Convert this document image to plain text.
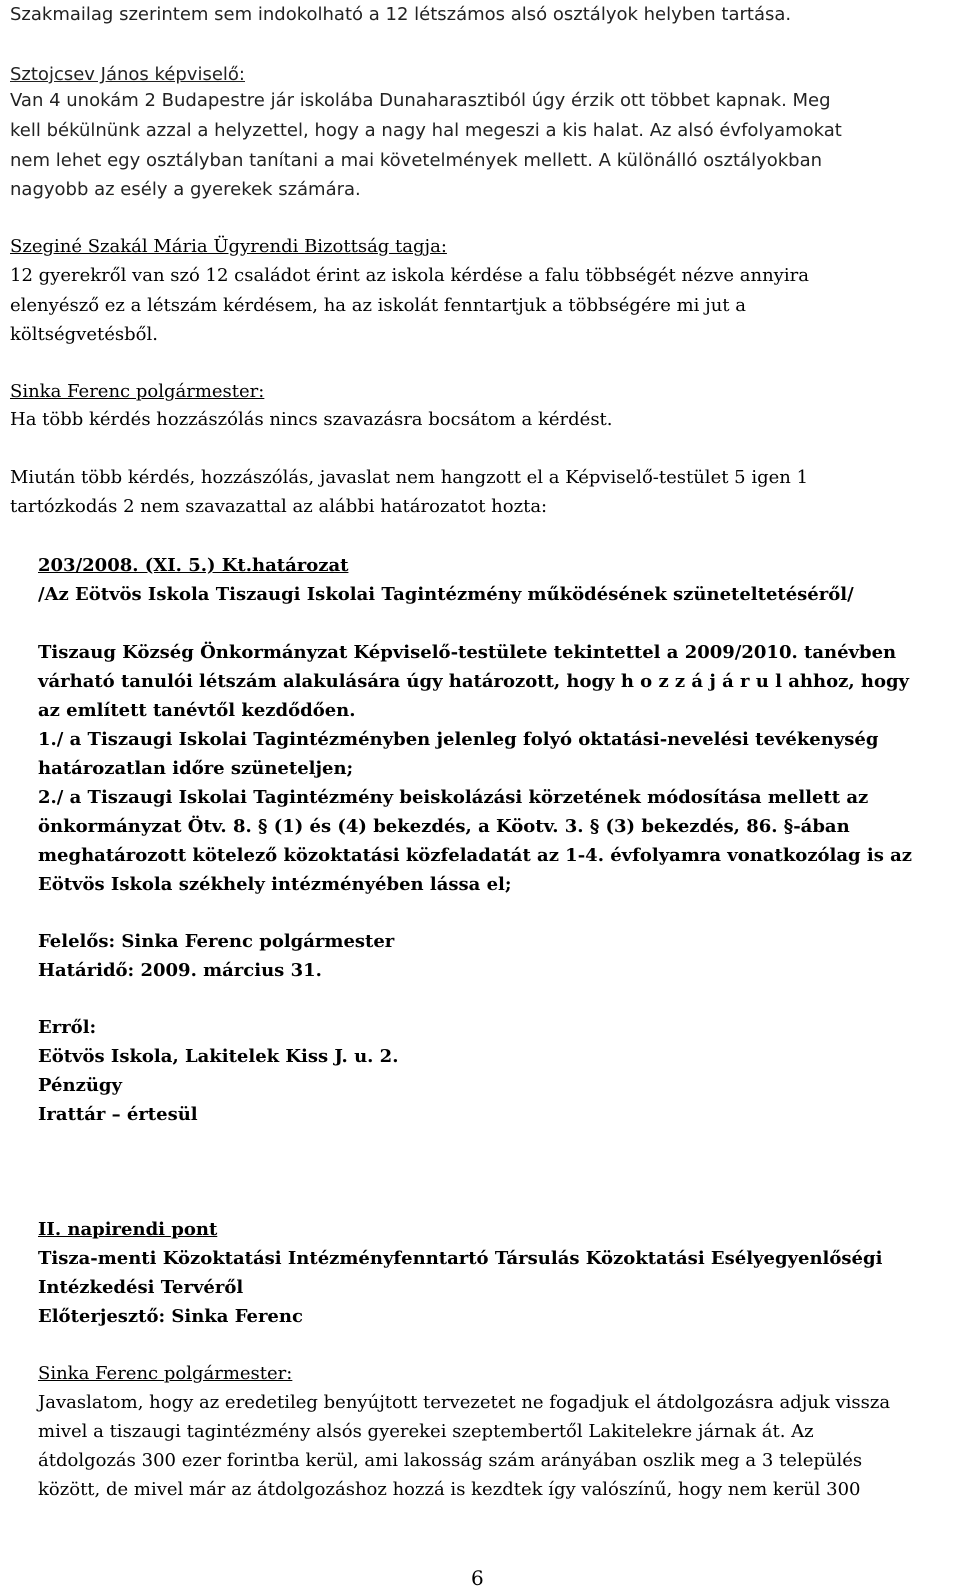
Szakmailag szerintem sem indokolható a 12 létszámos alsó osztályok helyben tartása.
Sztojcsev János képviselő:
Van 4 unokám 2 Budapestre jár iskolába Dunaharasztiból úgy érzik ott többet kapnak. Meg
kell békülnünk azzal a helyzettel, hogy a nagy hal megeszi a kis halat. Az alsó évfolyamokat
nem lehet egy osztályban tanítani a mai követelmények mellett. A különálló osztályokban
nagyobb az esély a gyerekek számára.
Szeginé Szakál Mária Ügyrendi Bizottság tagja:
12 gyerekről van szó 12 családot érint az iskola kérdése a falu többségét nézve annyira
elenyésző ez a létszám kérdésem, ha az iskolát fenntartjuk a többségére mi jut a
költségvetésből.
Sinka Ferenc polgármester:
Ha több kérdés hozzászólás nincs szavazásra bocsátom a kérdést.
Miután több kérdés, hozzászólás, javaslat nem hangzott el a Képviselő-testület 5 igen 1
tartózkodás 2 nem szavazattal az alábbi határozatot hozta:
203/2008. (XI. 5.) Kt.határozat
/Az Eötvös Iskola Tiszaugi Iskolai Tagintézmény működésének szüneteltetéséről/
Tiszaug Község Önkormányzat Képviselő-testülete tekintettel a 2009/2010. tanévben
várható tanulói létszám alakulására úgy határozott, hogy h o z z á j á r u l ahhoz, hogy
az említett tanévtől kezdődően.
1./ a Tiszaugi Iskolai Tagintézményben jelenleg folyó oktatási-nevelési tevékenység
határozatlan időre szüneteljen;
2./ a Tiszaugi Iskolai Tagintézmény beiskolázási körzetének módosítása mellett az
önkormányzat Ötv. 8. § (1) és (4) bekezdés, a Köotv. 3. § (3) bekezdés, 86. §-ában
meghatározott kötelező közoktatási közfeladatát az 1-4. évfolyamra vonatkozólag is az
Eötvös Iskola székhely intézményében lássa el;
Felelős: Sinka Ferenc polgármester
Határidő: 2009. március 31.
Erről:
Eötvös Iskola, Lakitelek Kiss J. u. 2.
Pénzügy
Irattár – értesül
II. napirendi pont
Tisza-menti Közoktatási Intézményfenntartó Társulás Közoktatási Esélyegyenlőségi
Intézkedési Tervéről
Előterjesztő: Sinka Ferenc
Sinka Ferenc polgármester:
Javaslatom, hogy az eredetileg benyújtott tervezetet ne fogadjuk el átdolgozásra adjuk vissza
mivel a tiszaugi tagintézmény alsós gyerekei szeptembertől Lakitelekre járnak át. Az
átdolgozás 300 ezer forintba kerül, ami lakosság szám arányában oszlik meg a 3 település
között, de mivel már az átdolgozáshoz hozzá is kezdtek így valószínű, hogy nem kerül 300
6
